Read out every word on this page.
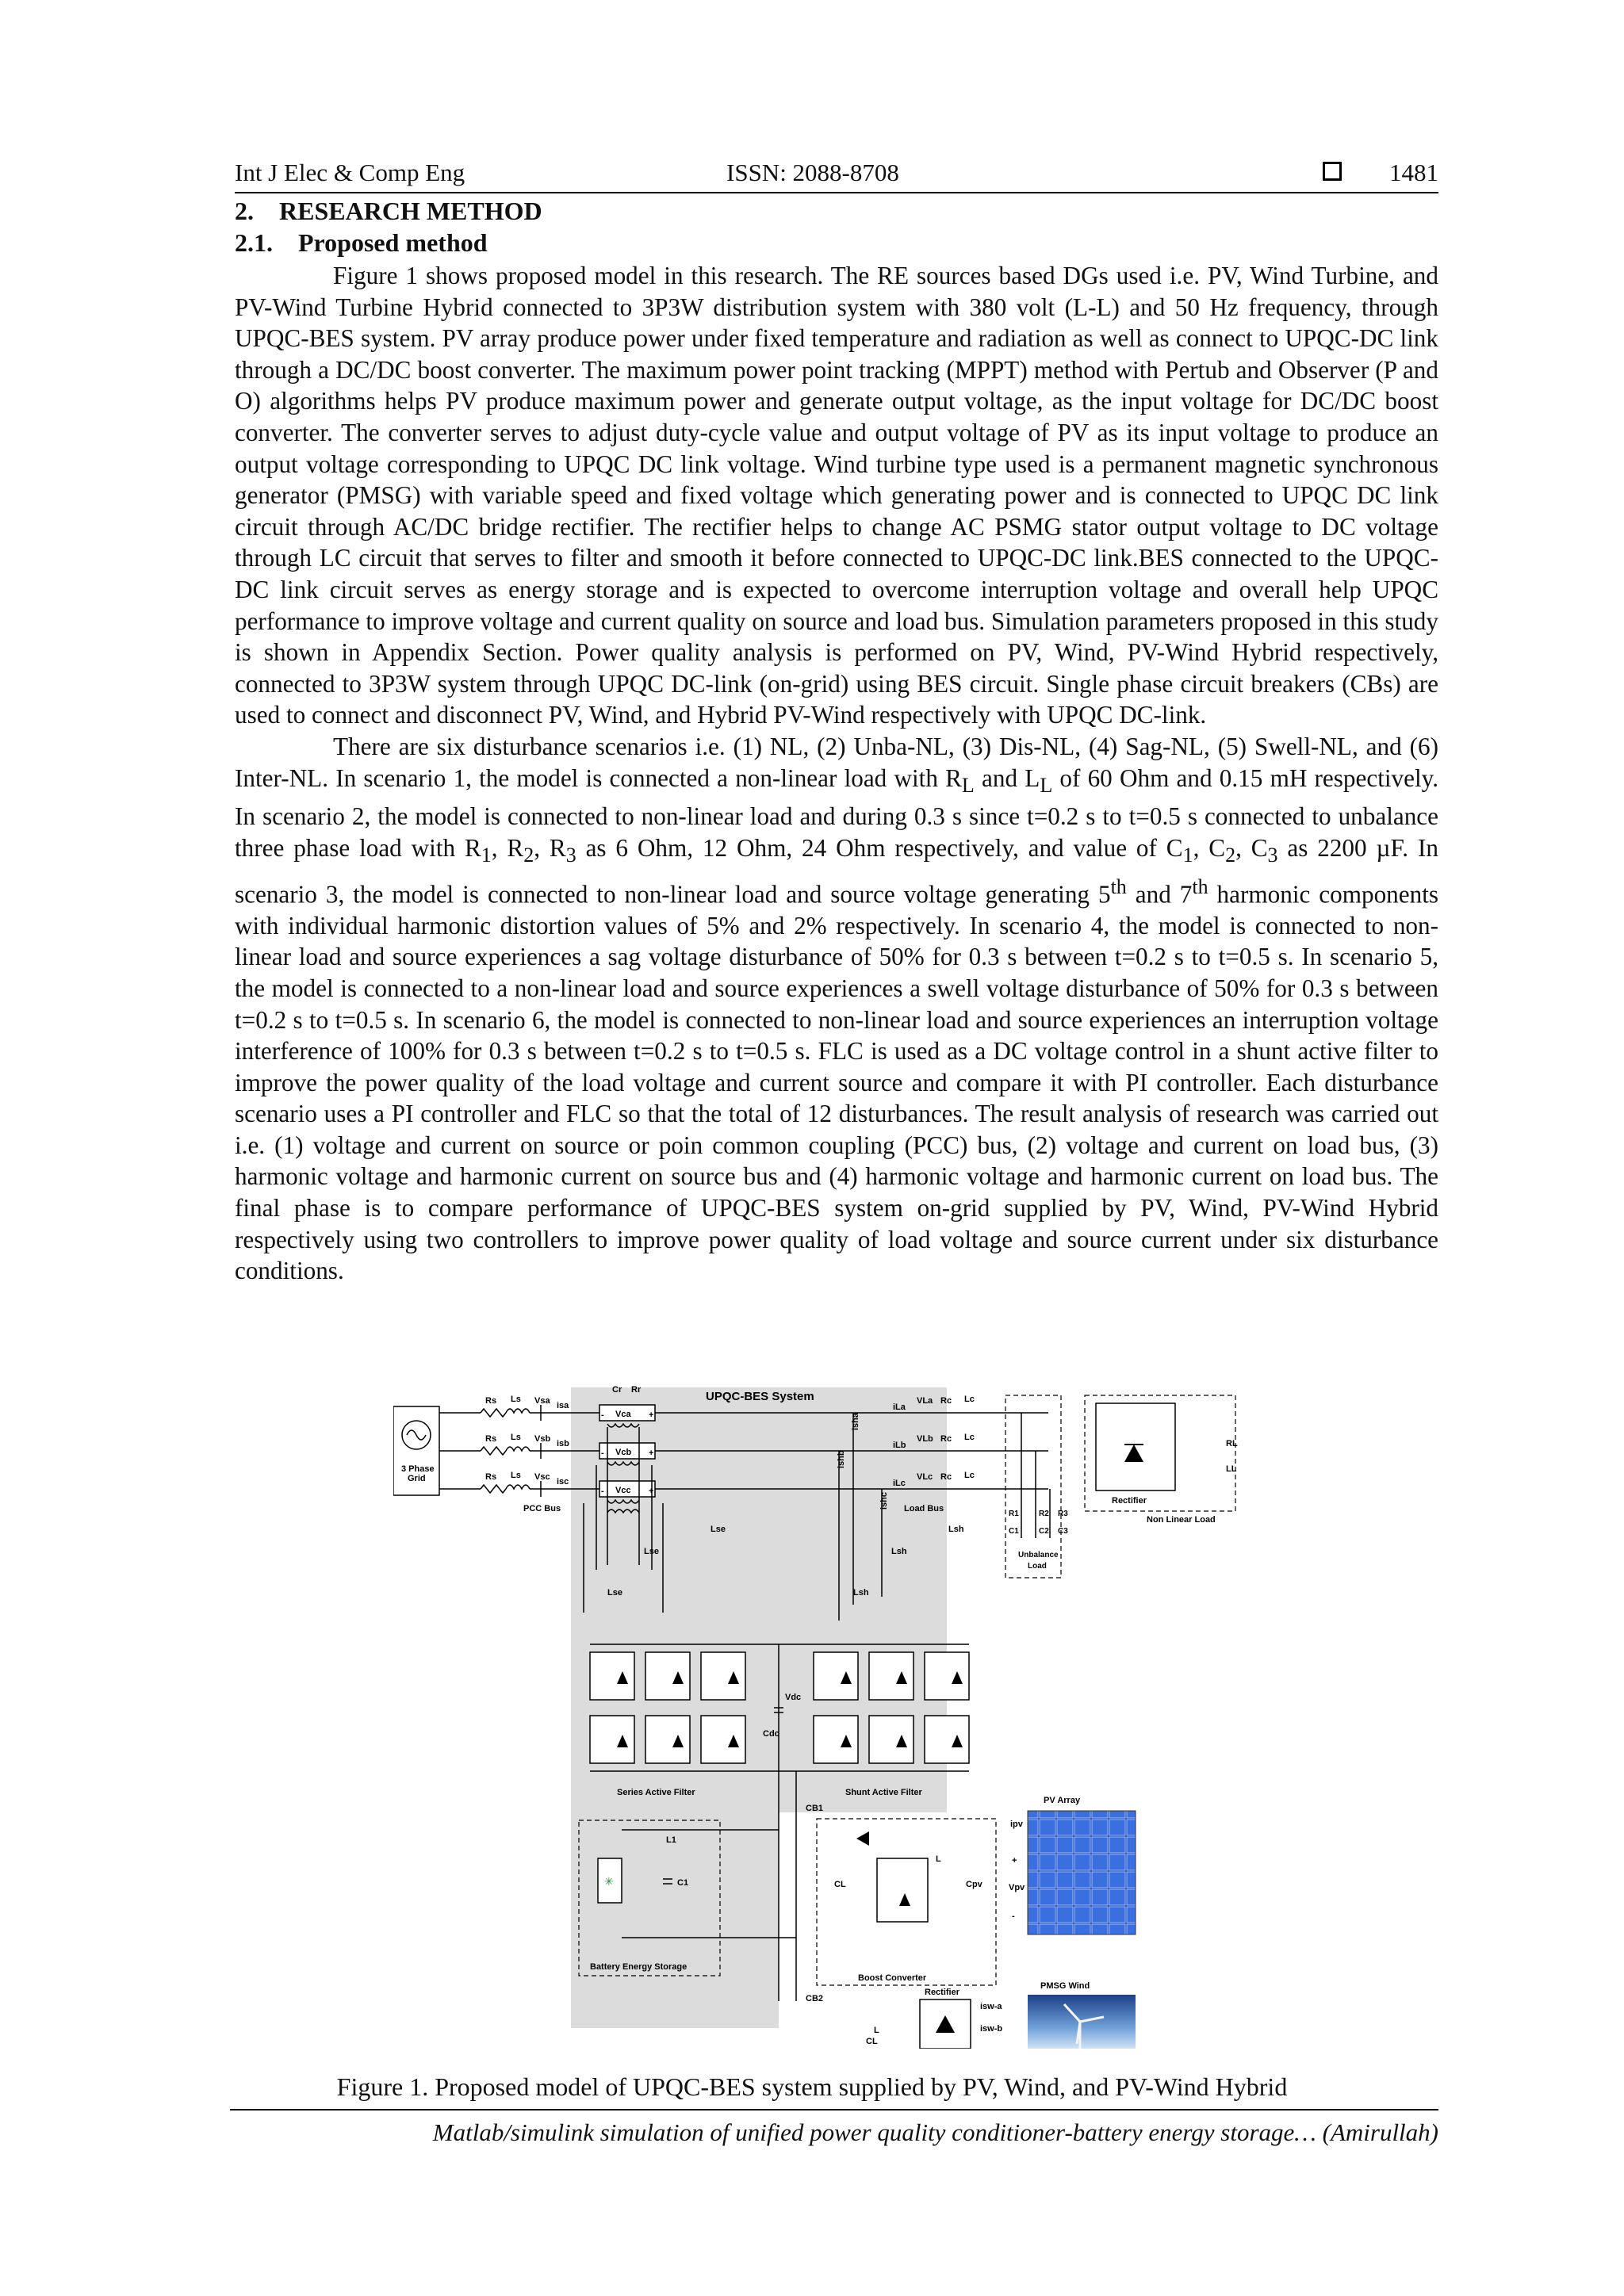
Int J Elec & Comp Eng	ISSN: 2088-8708	1481
2. RESEARCH METHOD
2.1. Proposed method

Figure 1 shows proposed model in this research. The RE sources based DGs used i.e. PV, Wind Turbine, and PV-Wind Turbine Hybrid connected to 3P3W distribution system with 380 volt (L-L) and 50 Hz frequency, through UPQC-BES system. PV array produce power under fixed temperature and radiation as well as connect to UPQC-DC link through a DC/DC boost converter. The maximum power point tracking (MPPT) method with Pertub and Observer (P and O) algorithms helps PV produce maximum power and generate output voltage, as the input voltage for DC/DC boost converter. The converter serves to adjust duty-cycle value and output voltage of PV as its input voltage to produce an output voltage corresponding to UPQC DC link voltage. Wind turbine type used is a permanent magnetic synchronous generator (PMSG) with variable speed and fixed voltage which generating power and is connected to UPQC DC link circuit through AC/DC bridge rectifier. The rectifier helps to change AC PSMG stator output voltage to DC voltage through LC circuit that serves to filter and smooth it before connected to UPQC-DC link.BES connected to the UPQC-DC link circuit serves as energy storage and is expected to overcome interruption voltage and overall help UPQC performance to improve voltage and current quality on source and load bus. Simulation parameters proposed in this study is shown in Appendix Section. Power quality analysis is performed on PV, Wind, PV-Wind Hybrid respectively, connected to 3P3W system through UPQC DC-link (on-grid) using BES circuit. Single phase circuit breakers (CBs) are used to connect and disconnect PV, Wind, and Hybrid PV-Wind respectively with UPQC DC-link.

There are six disturbance scenarios i.e. (1) NL, (2) Unba-NL, (3) Dis-NL, (4) Sag-NL, (5) Swell-NL, and (6) Inter-NL. In scenario 1, the model is connected a non-linear load with $R_L$ and $L_L$ of 60 Ohm and 0.15 mH respectively. In scenario 2, the model is connected to non-linear load and during 0.3 s since t=0.2 s to t=0.5 s connected to unbalance three phase load with $R_1$, $R_2$, $R_3$ as 6 Ohm, 12 Ohm, 24 Ohm respectively, and value of $C_1$, $C_2$, $C_3$ as 2200 µF. In scenario 3, the model is connected to non-linear load and source voltage generating 5th and 7th harmonic components with individual harmonic distortion values of 5% and 2% respectively. In scenario 4, the model is connected to non-linear load and source experiences a sag voltage disturbance of 50% for 0.3 s between t=0.2 s to t=0.5 s. In scenario 5, the model is connected to a non-linear load and source experiences a swell voltage disturbance of 50% for 0.3 s between t=0.2 s to t=0.5 s. In scenario 6, the model is connected to non-linear load and source experiences an interruption voltage interference of 100% for 0.3 s between t=0.2 s to t=0.5 s. FLC is used as a DC voltage control in a shunt active filter to improve the power quality of the load voltage and current source and compare it with PI controller. Each disturbance scenario uses a PI controller and FLC so that the total of 12 disturbances. The result analysis of research was carried out i.e. (1) voltage and current on source or poin common coupling (PCC) bus, (2) voltage and current on load bus, (3) harmonic voltage and harmonic current on source bus and (4) harmonic voltage and harmonic current on load bus. The final phase is to compare performance of UPQC-BES system on-grid supplied by PV, Wind, PV-Wind Hybrid respectively using two controllers to improve power quality of load voltage and source current under six disturbance conditions.

UPQC-BES System
3 Phase
Grid
Rs Ls Vsa isa
Rs Ls Vsb isb
Rs Ls Vsc isc
PCC Bus
Cr Rr
Vca
Vcb
Vcc
-	+
-	+
-	+
iLa
VLa Rc Lc
iLb
VLb Rc Lc
iLc
VLc Rc Lc
Load Bus
isha
ishb
ishc
R1	R2 R3
C1	C2 C3
Unbalance
Load
Rectifier
Non Linear Load
RL
LL
Lse
Lse
Lse
Lsh
Lsh
Lsh
Vdc
Cdc
Series Active Filter	Shunt Active Filter
✳
L1
C1
Battery Energy Storage
CB1
L
CL	Cpv
Boost Converter
ipv
+
Vpv
-
PV Array
PMSG Wind
CB2
Rectifier
L
CL
isw-a
isw-b
Figure 1. Proposed model of UPQC-BES system supplied by PV, Wind, and PV-Wind Hybrid
Matlab/simulink simulation of unified power quality conditioner-battery energy storage… (Amirullah)
